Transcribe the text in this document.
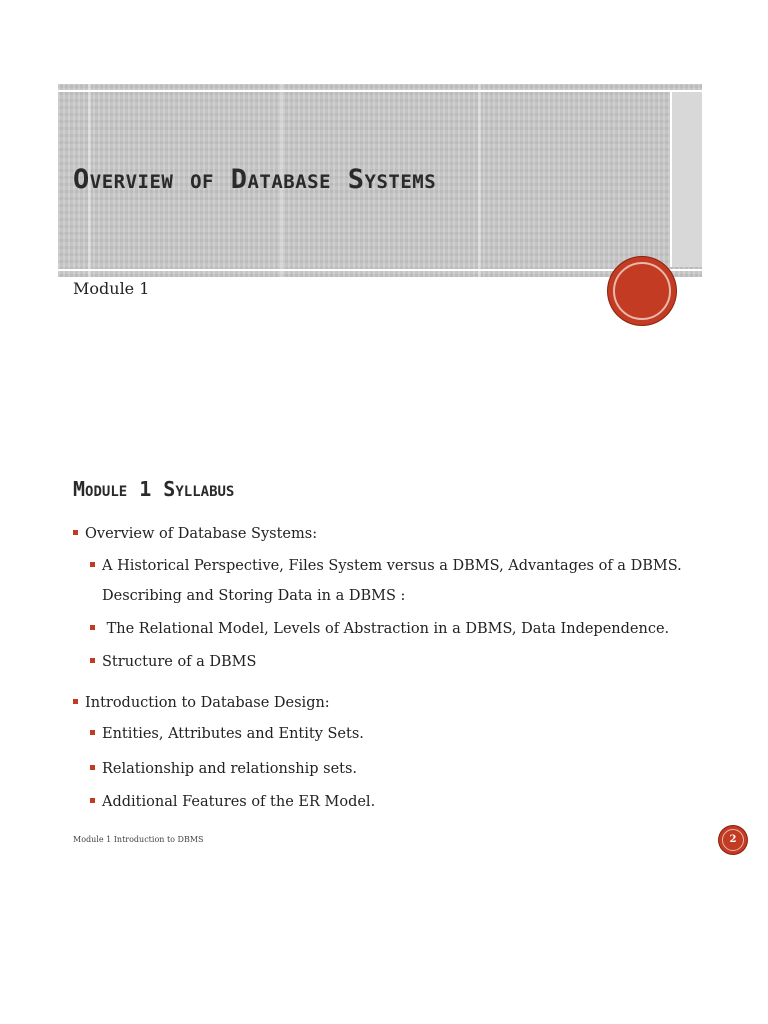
Overview of Database Systems

Module 1

Module 1 Syllabus

Overview of Database Systems:

A Historical Perspective, Files System versus a DBMS, Advantages of a DBMS.

Describing and Storing Data in a DBMS :

The Relational Model, Levels of Abstraction in a DBMS, Data Independence.

Structure of a DBMS

Introduction to Database Design:

Entities, Attributes and Entity Sets.

Relationship and relationship sets.

Additional Features of the ER Model.

Module 1 Introduction to DBMS	2
